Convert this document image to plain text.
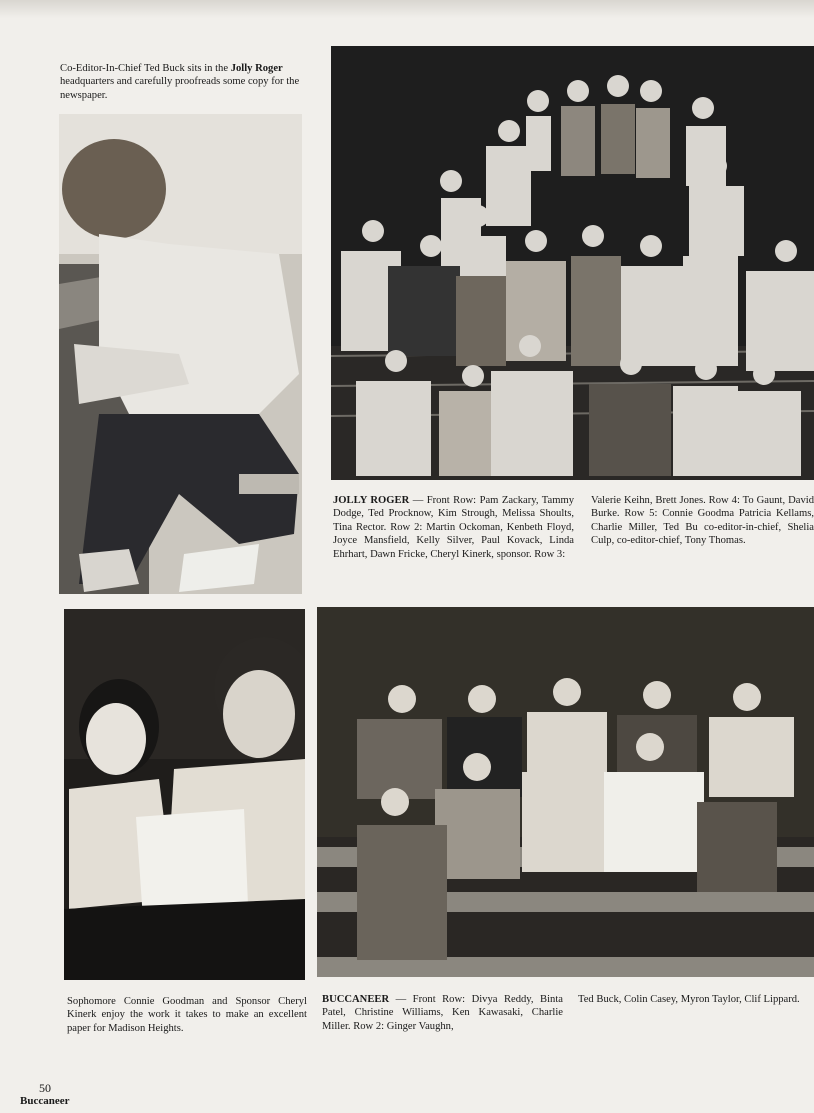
Co-Editor-In-Chief Ted Buck sits in the Jolly Roger headquarters and carefully proofreads some copy for the newspaper.
JOLLY ROGER — Front Row: Pam Zackary, Tammy Dodge, Ted Procknow, Kim Strough, Melissa Shoults, Tina Rector. Row 2: Martin Ockoman, Kenbeth Floyd, Joyce Mansfield, Kelly Silver, Paul Kovack, Linda Ehrhart, Dawn Fricke, Cheryl Kinerk, sponsor. Row 3:
Valerie Keihn, Brett Jones. Row 4: To Gaunt, David Burke. Row 5: Connie Goodma Patricia Kellams, Charlie Miller, Ted Bu co-editor-in-chief, Shelia Culp, co-editor-chief, Tony Thomas.
Sophomore Connie Goodman and Sponsor Cheryl Kinerk enjoy the work it takes to make an excellent paper for Madison Heights.
BUCCANEER — Front Row: Divya Reddy, Binta Patel, Christine Williams, Ken Kawasaki, Charlie Miller. Row 2: Ginger Vaughn,
Ted Buck, Colin Casey, Myron Taylor, Clif Lippard.
50
Buccaneer
